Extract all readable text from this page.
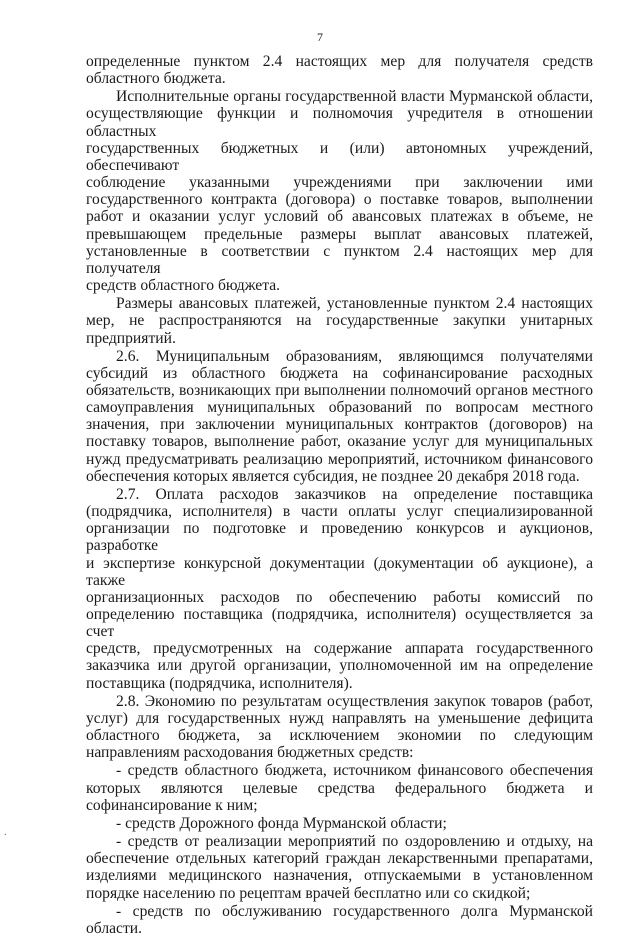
7

определенные пунктом 2.4 настоящих мер для получателя средств
областного бюджета.

Исполнительные органы государственной власти Мурманской области,
осуществляющие функции и полномочия учредителя в отношении областных
государственных бюджетных и (или) автономных учреждений, обеспечивают
соблюдение указанными учреждениями при заключении ими
государственного контракта (договора) о поставке товаров, выполнении
работ и оказании услуг условий об авансовых платежах в объеме, не
превышающем предельные размеры выплат авансовых платежей,
установленные в соответствии с пунктом 2.4 настоящих мер для получателя
средств областного бюджета.

Размеры авансовых платежей, установленные пунктом 2.4 настоящих
мер, не распространяются на государственные закупки унитарных
предприятий.

2.6. Муниципальным образованиям, являющимся получателями
субсидий из областного бюджета на софинансирование расходных
обязательств, возникающих при выполнении полномочий органов местного
самоуправления муниципальных образований по вопросам местного
значения, при заключении муниципальных контрактов (договоров) на
поставку товаров, выполнение работ, оказание услуг для муниципальных
нужд предусматривать реализацию мероприятий, источником финансового
обеспечения которых является субсидия, не позднее 20 декабря 2018 года.

2.7. Оплата расходов заказчиков на определение поставщика
(подрядчика, исполнителя) в части оплаты услуг специализированной
организации по подготовке и проведению конкурсов и аукционов, разработке
и экспертизе конкурсной документации (документации об аукционе), а также
организационных расходов по обеспечению работы комиссий по
определению поставщика (подрядчика, исполнителя) осуществляется за счет
средств, предусмотренных на содержание аппарата государственного
заказчика или другой организации, уполномоченной им на определение
поставщика (подрядчика, исполнителя).

2.8. Экономию по результатам осуществления закупок товаров (работ,
услуг) для государственных нужд направлять на уменьшение дефицита
областного бюджета, за исключением экономии по следующим
направлениям расходования бюджетных средств:

- средств областного бюджета, источником финансового обеспечения
которых являются целевые средства федерального бюджета и
софинансирование к ним;

- средств Дорожного фонда Мурманской области;

- средств от реализации мероприятий по оздоровлению и отдыху, на
обеспечение отдельных категорий граждан лекарственными препаратами,
изделиями медицинского назначения, отпускаемыми в установленном
порядке населению по рецептам врачей бесплатно или со скидкой;

- средств по обслуживанию государственного долга Мурманской
области.

.
